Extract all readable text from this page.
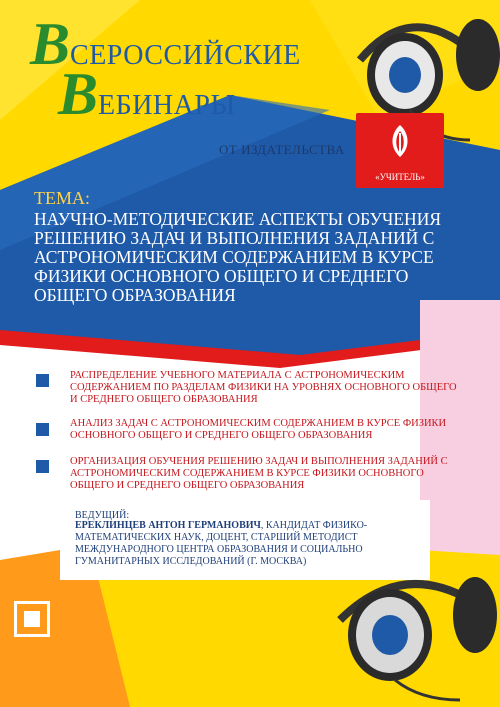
ВСЕРОССИЙСКИЕ
ВЕБИНАРЫ
ОТ ИЗДАТЕЛЬСТВА
«УЧИТЕЛЬ»
ТЕМА:
НАУЧНО-МЕТОДИЧЕСКИЕ АСПЕКТЫ ОБУЧЕНИЯ РЕШЕНИЮ ЗАДАЧ И ВЫПОЛНЕНИЯ ЗАДАНИЙ С АСТРОНОМИЧЕСКИМ СОДЕРЖАНИЕМ В КУРСЕ ФИЗИКИ ОСНОВНОГО ОБЩЕГО И СРЕДНЕГО ОБЩЕГО ОБРАЗОВАНИЯ
РАСПРЕДЕЛЕНИЕ УЧЕБНОГО МАТЕРИАЛА С АСТРОНОМИЧЕСКИМ СОДЕРЖАНИЕМ ПО РАЗДЕЛАМ ФИЗИКИ НА УРОВНЯХ ОСНОВНОГО ОБЩЕГО И СРЕДНЕГО ОБЩЕГО ОБРАЗОВАНИЯ
АНАЛИЗ ЗАДАЧ С АСТРОНОМИЧЕСКИМ СОДЕРЖАНИЕМ В КУРСЕ ФИЗИКИ ОСНОВНОГО ОБЩЕГО И СРЕДНЕГО ОБЩЕГО ОБРАЗОВАНИЯ
ОРГАНИЗАЦИЯ ОБУЧЕНИЯ РЕШЕНИЮ ЗАДАЧ И ВЫПОЛНЕНИЯ ЗАДАНИЙ С АСТРОНОМИЧЕСКИМ СОДЕРЖАНИЕМ В КУРСЕ ФИЗИКИ ОСНОВНОГО ОБЩЕГО И СРЕДНЕГО ОБЩЕГО ОБРАЗОВАНИЯ
ВЕДУЩИЙ:
ЕРЕКЛИНЦЕВ АНТОН ГЕРМАНОВИЧ, КАНДИДАТ ФИЗИКО-МАТЕМАТИЧЕСКИХ НАУК, ДОЦЕНТ, СТАРШИЙ МЕТОДИСТ МЕЖДУНАРОДНОГО ЦЕНТРА ОБРАЗОВАНИЯ И СОЦИАЛЬНО ГУМАНИТАРНЫХ ИССЛЕДОВАНИЙ (Г. МОСКВА)
